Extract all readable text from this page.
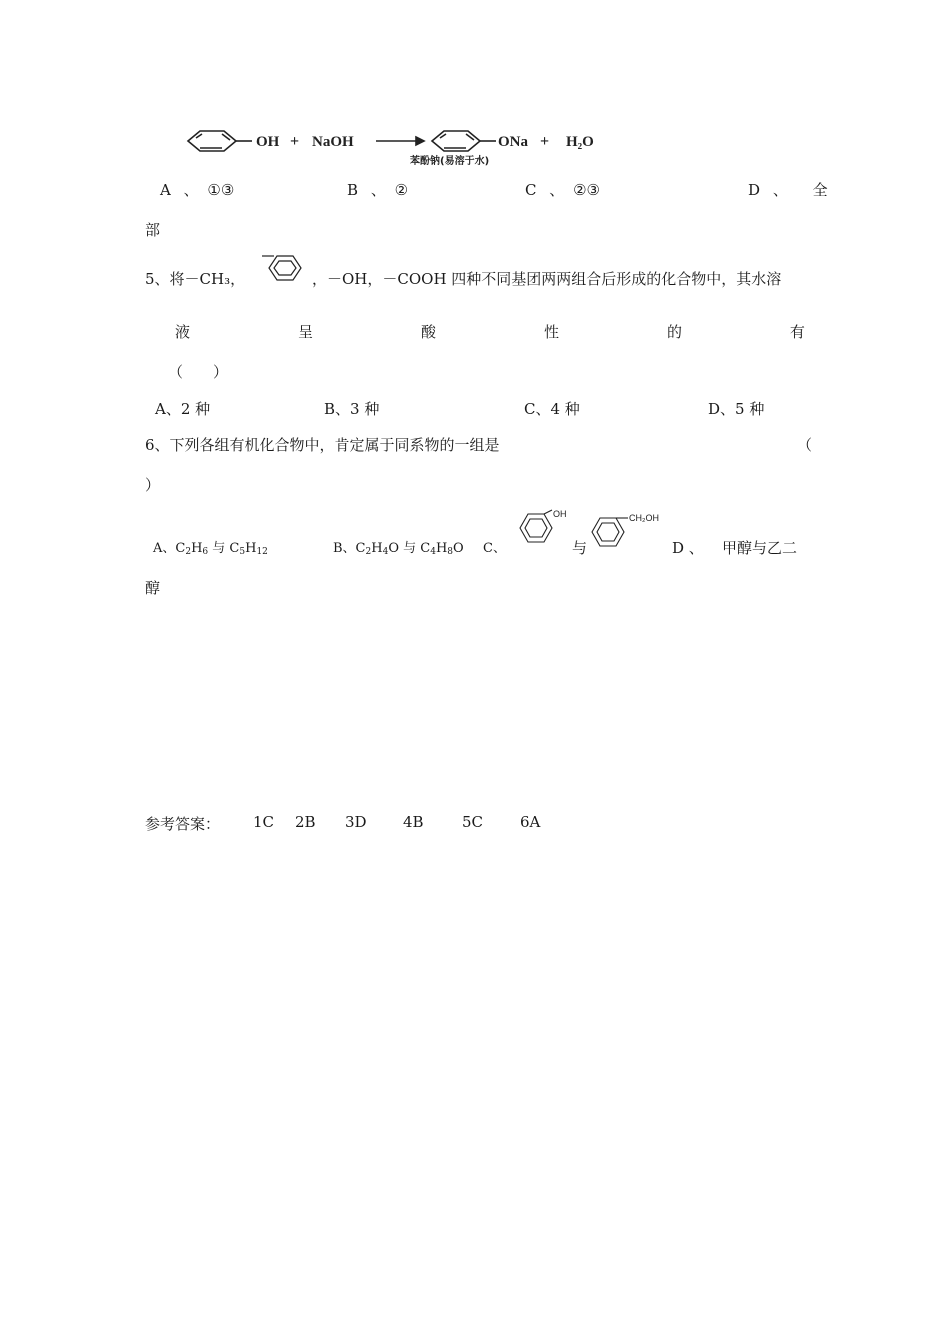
OH + NaOH	ONa + H₂O
苯酚钠(易溶于水)
A 、 ①③	B 、 ②	C 、 ②③	D 、 全
部
5、将－CH₃，	，－OH，－COOH 四种不同基团两两组合后形成的化合物中，其水溶
液	呈	酸	性	的	有
（　　）
A、2 种	B、3 种	C、4 种	D、5 种
6、下列各组有机化合物中，肯定属于同系物的一组是	（
）
A、$C_2H_6$ 与 $C_5H_{12}$	B、$C_2H_4O$ 与 $C_4H_8O$ C、
OH
与
CH₂OH
D 、 甲醇与乙二
醇
参考答案： 1C 2B 3D 4B	5C 6A
